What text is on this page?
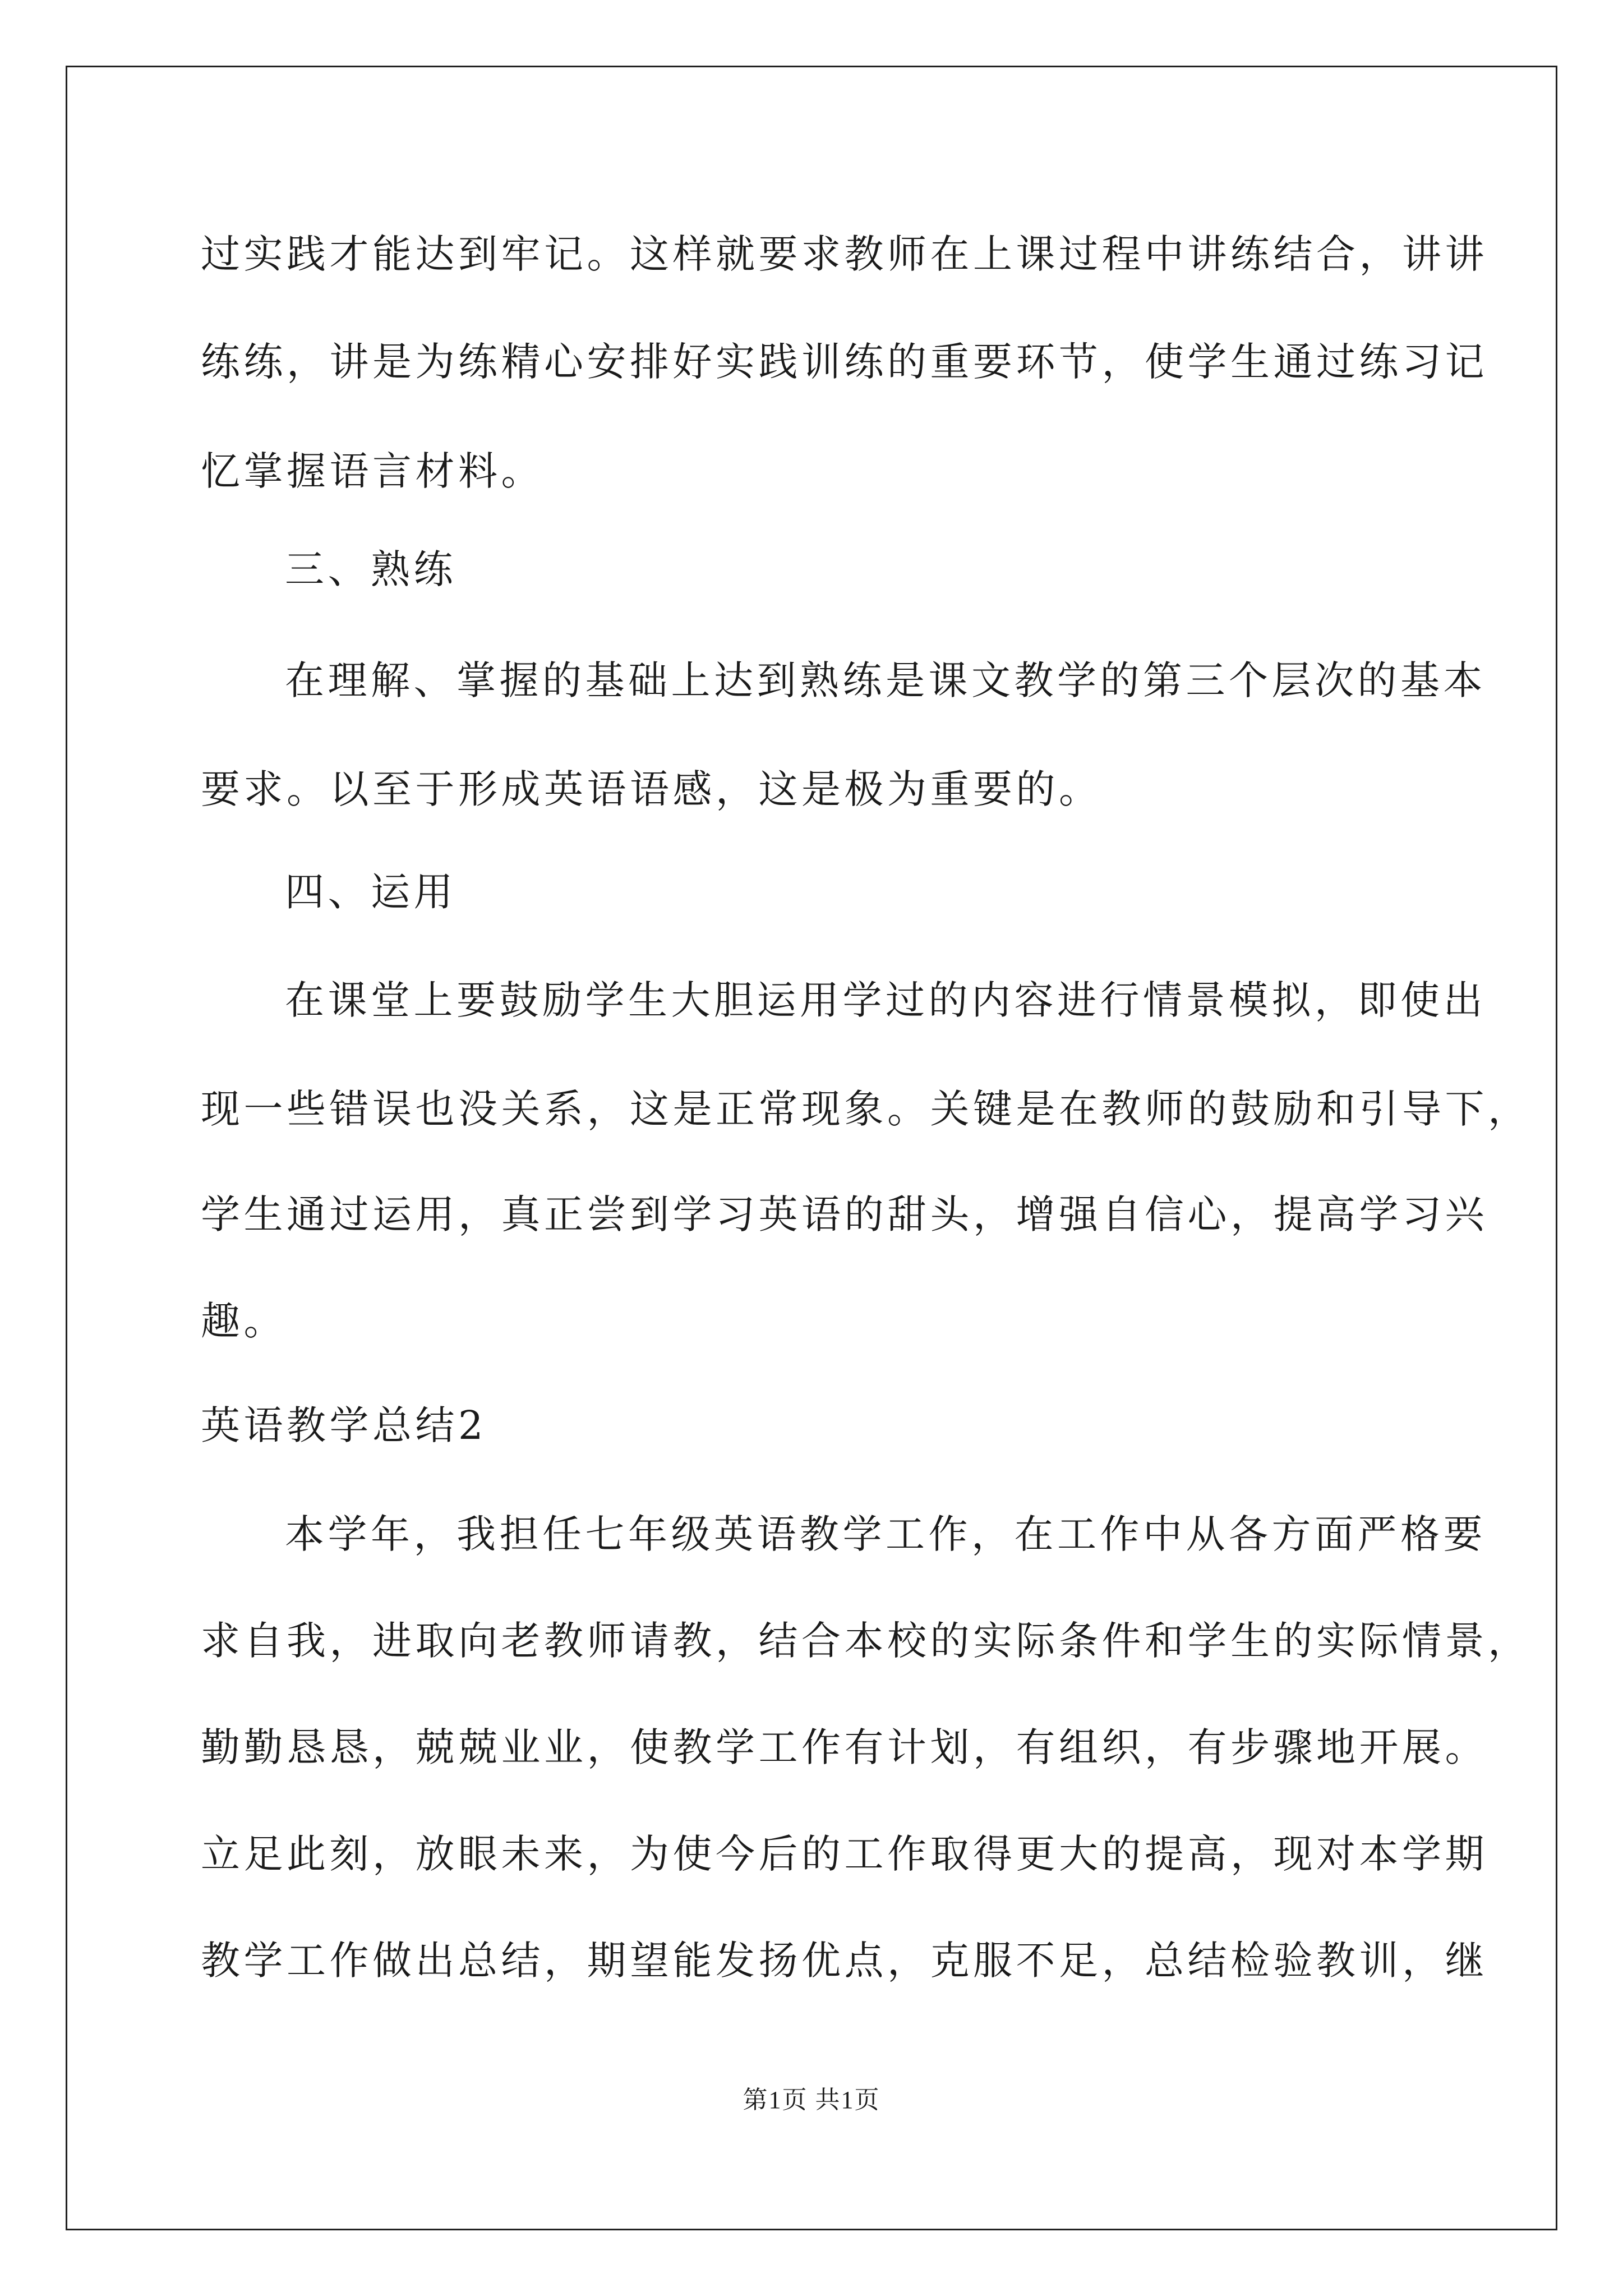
过实践才能达到牢记。这样就要求教师在上课过程中讲练结合，讲讲
练练，讲是为练精心安排好实践训练的重要环节，使学生通过练习记
忆掌握语言材料。
三、熟练
在理解、掌握的基础上达到熟练是课文教学的第三个层次的基本
要求。以至于形成英语语感，这是极为重要的。
四、运用
在课堂上要鼓励学生大胆运用学过的内容进行情景模拟，即使出
现一些错误也没关系，这是正常现象。关键是在教师的鼓励和引导下，
学生通过运用，真正尝到学习英语的甜头，增强自信心，提高学习兴
趣。
英语教学总结2
本学年，我担任七年级英语教学工作，在工作中从各方面严格要
求自我，进取向老教师请教，结合本校的实际条件和学生的实际情景，
勤勤恳恳，兢兢业业，使教学工作有计划，有组织，有步骤地开展。
立足此刻，放眼未来，为使今后的工作取得更大的提高，现对本学期
教学工作做出总结，期望能发扬优点，克服不足，总结检验教训，继
第1页 共1页
